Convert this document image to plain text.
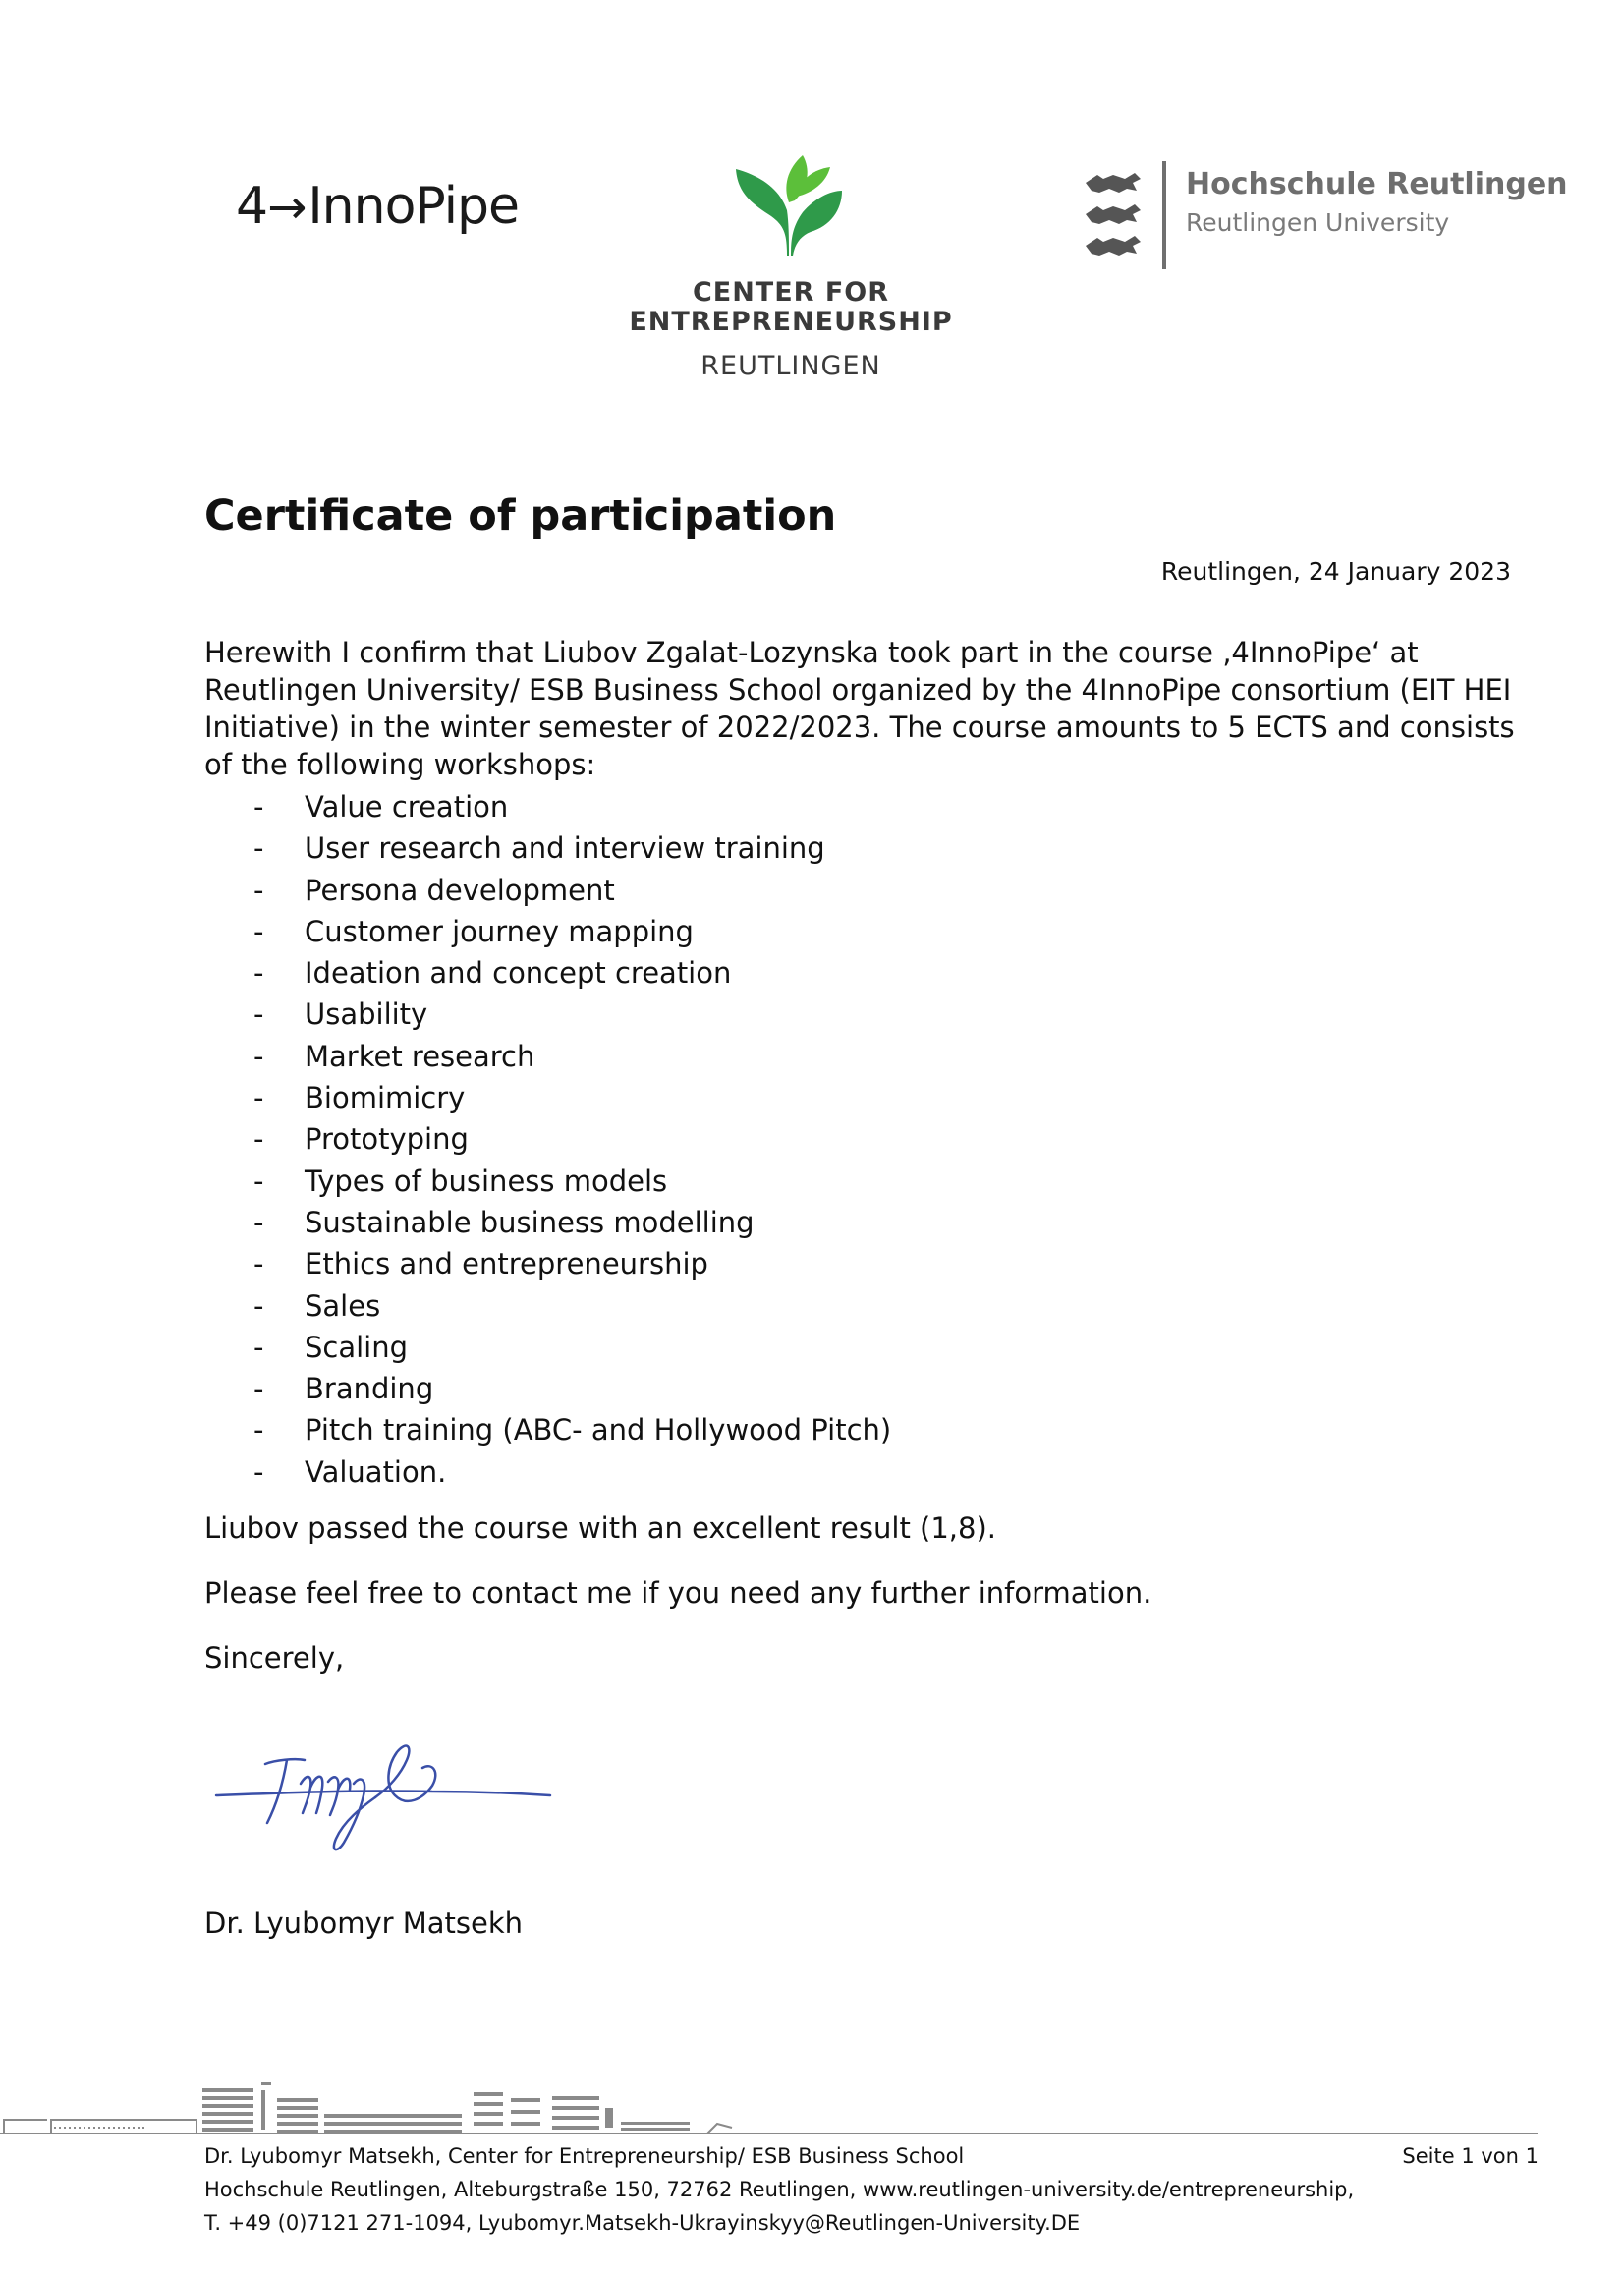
4→InnoPipe
CENTER FOR
ENTREPRENEURSHIP
REUTLINGEN
Hochschule Reutlingen
Reutlingen University
Certificate of participation
Reutlingen, 24 January 2023
Herewith I confirm that Liubov Zgalat-Lozynska took part in the course ‚4InnoPipe‘ at Reutlingen University/ ESB Business School organized by the 4InnoPipe consortium (EIT HEI Initiative) in the winter semester of 2022/2023. The course amounts to 5 ECTS and consists of the following workshops:
- Value creation
- User research and interview training
- Persona development
- Customer journey mapping
- Ideation and concept creation
- Usability
- Market research
- Biomimicry
- Prototyping
- Types of business models
- Sustainable business modelling
- Ethics and entrepreneurship
- Sales
- Scaling
- Branding
- Pitch training (ABC- and Hollywood Pitch)
- Valuation.
Liubov passed the course with an excellent result (1,8).
Please feel free to contact me if you need any further information.
Sincerely,
Dr. Lyubomyr Matsekh
Dr. Lyubomyr Matsekh, Center for Entrepreneurship/ ESB Business School	Seite 1 von 1
Hochschule Reutlingen, Alteburgstraße 150, 72762 Reutlingen, www.reutlingen-university.de/entrepreneurship,
T. +49 (0)7121 271-1094, Lyubomyr.Matsekh-Ukrayinskyy@Reutlingen-University.DE
